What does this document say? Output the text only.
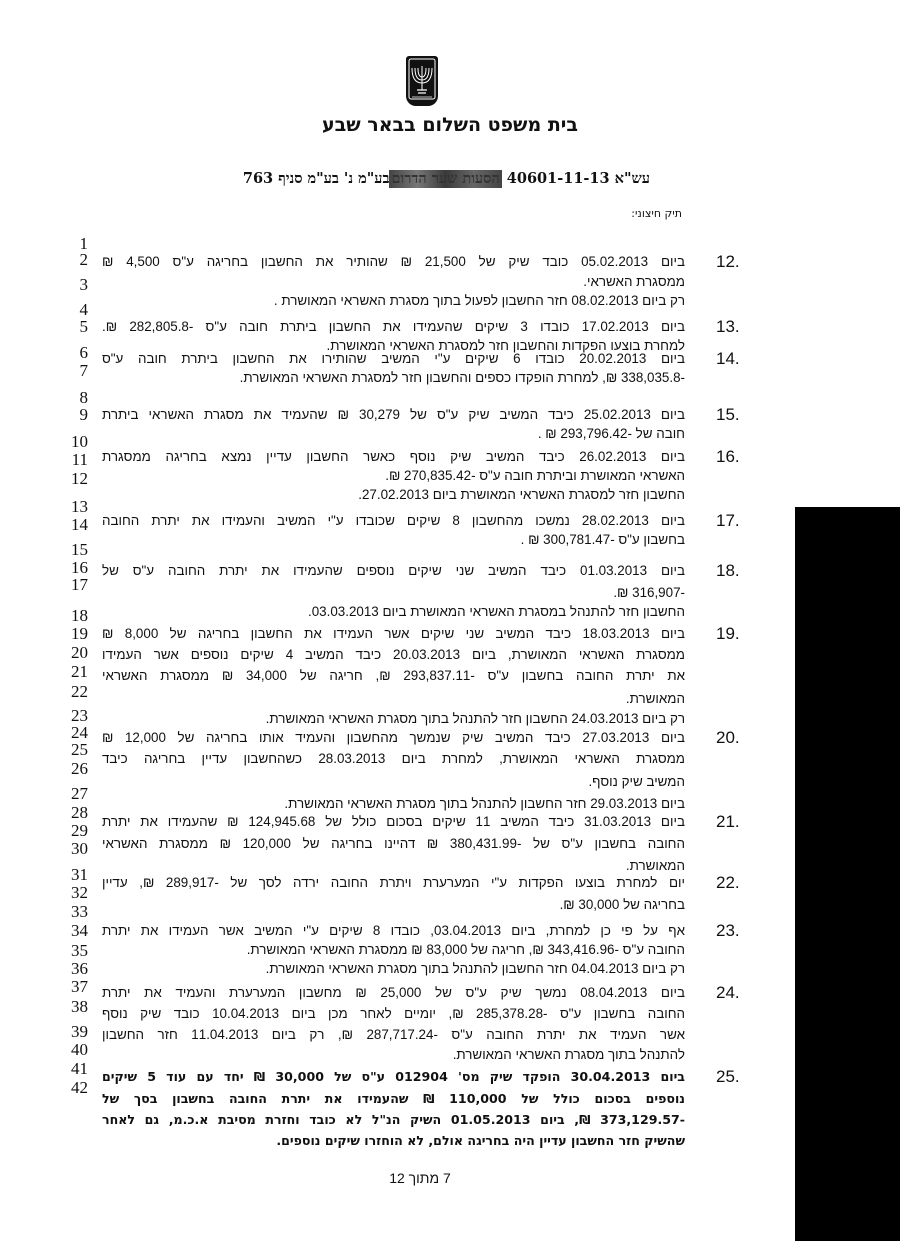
בית משפט השלום בבאר שבע
עש"א 40601-11-13 הסעות שער הדרוםבע"מ נ' בע"מ סניף 763
תיק חיצוני:
1
2
3
4
5
6
7
8
9
10
11
12
13
14
15
16
17
18
19
20
21
22
23
24
25
26
27
28
29
30
31
32
33
34
35
36
37
38
39
40
41
42
12.
ביום 05.02.2013 כובד שיק של 21,500 ₪ שהותיר את החשבון בחריגה ע"ס 4,500 ₪
ממסגרת האשראי.
רק ביום 08.02.2013 חזר החשבון לפעול בתוך מסגרת האשראי המאושרת .
13.
ביום 17.02.2013 כובדו 3 שיקים שהעמידו את החשבון ביתרת חובה ע"ס -282,805.8 ₪.
למחרת בוצעו הפקדות והחשבון חזר למסגרת האשראי המאושרת.
14.
ביום 20.02.2013 כובדו 6 שיקים ע"י המשיב שהותירו את החשבון ביתרת חובה ע"ס
-338,035.8 ₪, למחרת הופקדו כספים והחשבון חזר למסגרת האשראי המאושרת.
15.
ביום 25.02.2013 כיבד המשיב שיק ע"ס של 30,279 ₪ שהעמיד את מסגרת האשראי ביתרת
חובה של -293,796.42 ₪ .
16.
ביום 26.02.2013 כיבד המשיב שיק נוסף כאשר החשבון עדיין נמצא בחריגה ממסגרת
האשראי המאושרת וביתרת חובה ע"ס -270,835.42 ₪.
החשבון חזר למסגרת האשראי המאושרת ביום 27.02.2013.
17.
ביום 28.02.2013 נמשכו מהחשבון 8 שיקים שכובדו ע"י המשיב והעמידו את יתרת החובה
בחשבון ע"ס -300,781.47 ₪ .
18.
ביום 01.03.2013 כיבד המשיב שני שיקים נוספים שהעמידו את יתרת החובה ע"ס של
-316,907 ₪.
החשבון חזר להתנהל במסגרת האשראי המאושרת ביום 03.03.2013.
19.
ביום 18.03.2013 כיבד המשיב שני שיקים אשר העמידו את החשבון בחריגה של 8,000 ₪
ממסגרת האשראי המאושרת, ביום 20.03.2013 כיבד המשיב 4 שיקים נוספים אשר העמידו
את יתרת החובה בחשבון ע"ס -293,837.11 ₪, חריגה של 34,000 ₪ ממסגרת האשראי
המאושרת.
רק ביום 24.03.2013 החשבון חזר להתנהל בתוך מסגרת האשראי המאושרת.
20.
ביום 27.03.2013 כיבד המשיב שיק שנמשך מהחשבון והעמיד אותו בחריגה של 12,000 ₪
ממסגרת האשראי המאושרת, למחרת ביום 28.03.2013 כשהחשבון עדיין בחריגה כיבד
המשיב שיק נוסף.
ביום 29.03.2013 חזר החשבון להתנהל בתוך מסגרת האשראי המאושרת.
21.
ביום 31.03.2013 כיבד המשיב 11 שיקים בסכום כולל של 124,945.68 ₪ שהעמידו את יתרת
החובה בחשבון ע"ס של -380,431.99 ₪ דהיינו בחריגה של 120,000 ₪ ממסגרת האשראי
המאושרת.
22.
יום למחרת בוצעו הפקדות ע"י המערערת ויתרת החובה ירדה לסך של -289,917 ₪, עדיין
בחריגה של 30,000 ₪.
23.
אף על פי כן למחרת, ביום 03.04.2013, כובדו 8 שיקים ע"י המשיב אשר העמידו את יתרת
החובה ע"ס -343,416.96 ₪, חריגה של 83,000 ₪ ממסגרת האשראי המאושרת.
רק ביום 04.04.2013 חזר החשבון להתנהל בתוך מסגרת האשראי המאושרת.
24.
ביום 08.04.2013 נמשך שיק ע"ס של 25,000 ₪ מחשבון המערערת והעמיד את יתרת
החובה בחשבון ע"ס -285,378.28 ₪, יומיים לאחר מכן ביום 10.04.2013 כובד שיק נוסף
אשר העמיד את יתרת החובה ע"ס -287,717.24 ₪, רק ביום 11.04.2013 חזר החשבון
להתנהל בתוך מסגרת האשראי המאושרת.
25.
ביום 30.04.2013 הופקד שיק מס' 012904 ע"ס של 30,000 ₪ יחד עם עוד 5 שיקים
נוספים בסכום כולל של 110,000 ₪ שהעמידו את יתרת החובה בחשבון בסך של
-373,129.57 ₪, ביום 01.05.2013 השיק הנ"ל לא כובד וחזרת מסיבת א.כ.מ, גם לאחר
שהשיק חזר החשבון עדיין היה בחריגה אולם, לא הוחזרו שיקים נוספים.
7 מתוך 12
